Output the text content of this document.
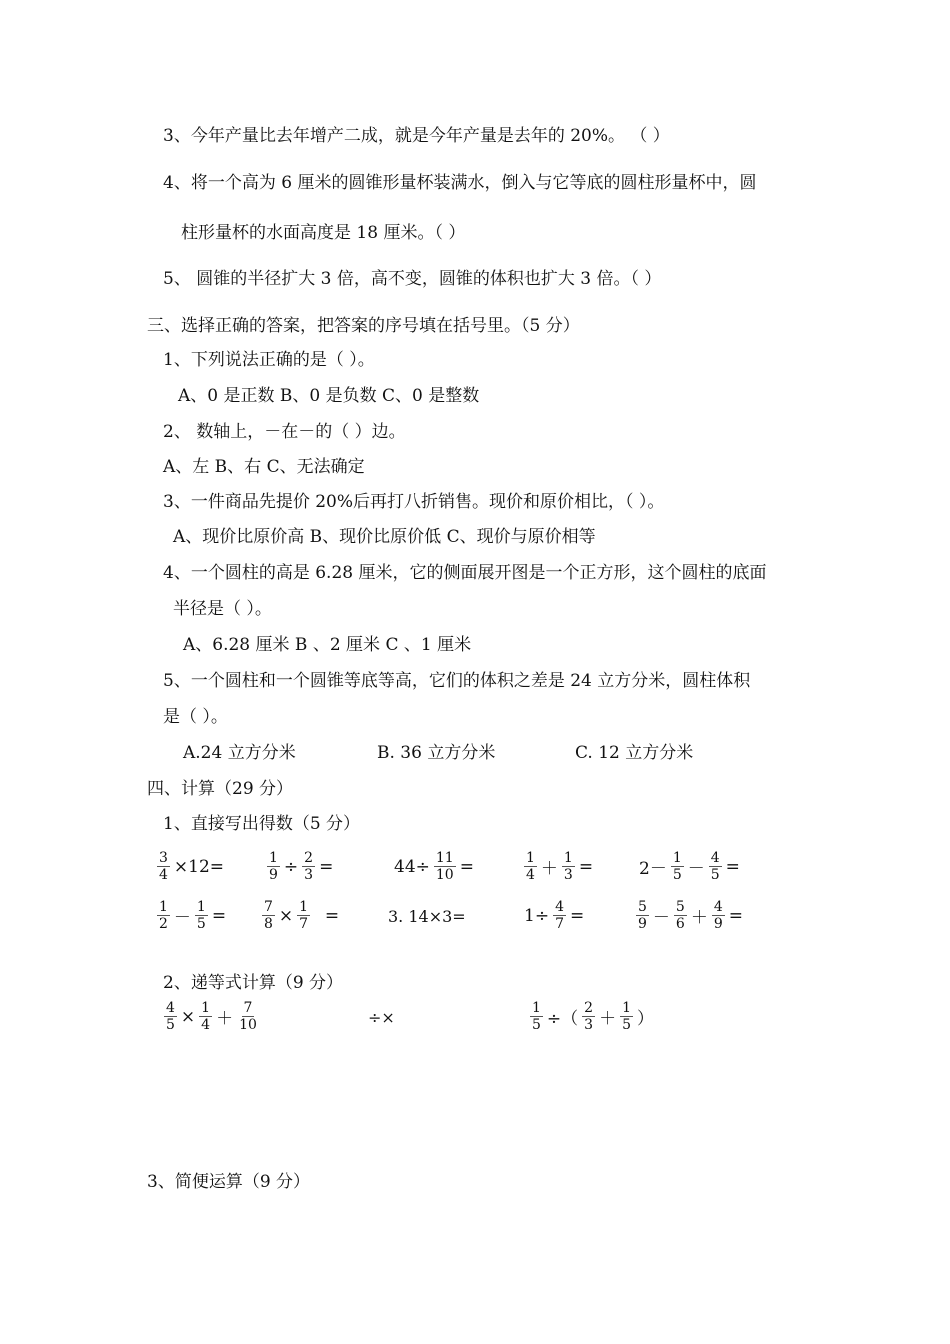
3、今年产量比去年增产二成，就是今年产量是去年的 20%。 （ ）
4、将一个高为 6 厘米的圆锥形量杯装满水，倒入与它等底的圆柱形量杯中，圆
柱形量杯的水面高度是 18 厘米。（ ）
5、 圆锥的半径扩大 3 倍，高不变，圆锥的体积也扩大 3 倍。（ ）
三、选择正确的答案，把答案的序号填在括号里。（5 分）
1、下列说法正确的是（ ）。
A、0 是正数 B、0 是负数 C、0 是整数
2、 数轴上，－在－的（ ）边。
A、左 B、右 C、无法确定
3、一件商品先提价 20%后再打八折销售。现价和原价相比，（ ）。
A、现价比原价高 B、现价比原价低 C、现价与原价相等
4、一个圆柱的高是 6.28 厘米，它的侧面展开图是一个正方形，这个圆柱的底面
半径是（ ）。
A、6.28 厘米 B 、2 厘米 C 、1 厘米
5、一个圆柱和一个圆锥等底等高，它们的体积之差是 24 立方分米，圆柱体积
是（ ）。
A.24 立方分米	B. 36 立方分米	C. 12 立方分米
四、计算（29 分）
1、直接写出得数（5 分）
$\frac{3}{4} \times 12=$	$\frac{1}{9} \div \frac{2}{3}$ =	$44\div \frac{11}{10}$ =	$\frac{1}{4} + \frac{1}{3}$ =	$2- \frac{1}{5} - \frac{4}{5}$ =
$\frac{1}{2} - \frac{1}{5}$ =	$\frac{7}{8} \times \frac{1}{7}$ =	3. 14×3=	$1\div \frac{4}{7}$ =	$\frac{5}{9} - \frac{5}{6} + \frac{4}{9}$ =
2、递等式计算（9 分）
$\frac{4}{5} \times \frac{1}{4} + \frac{7}{10}$	÷×	$\frac{1}{5}$ ÷（ $\frac{2}{3} + \frac{1}{5}$ ）
3、简便运算（9 分）
